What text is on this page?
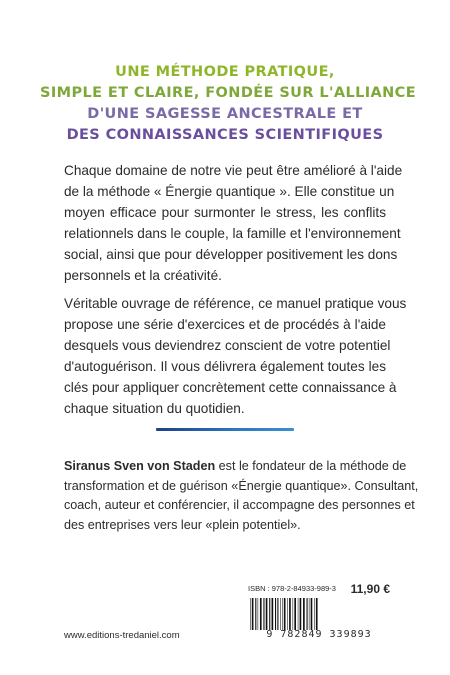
UNE MÉTHODE PRATIQUE,
SIMPLE ET CLAIRE, FONDÉE SUR L'ALLIANCE
D'UNE SAGESSE ANCESTRALE ET
DES CONNAISSANCES SCIENTIFIQUES
Chaque domaine de notre vie peut être amélioré à l'aide
de la méthode « Énergie quantique ». Elle constitue un
moyen efficace pour surmonter le stress, les conflits
relationnels dans le couple, la famille et l'environnement
social, ainsi que pour développer positivement les dons
personnels et la créativité.
Véritable ouvrage de référence, ce manuel pratique vous
propose une série d'exercices et de procédés à l'aide
desquels vous deviendrez conscient de votre potentiel
d'autoguérison. Il vous délivrera également toutes les
clés pour appliquer concrètement cette connaissance à
chaque situation du quotidien.
Siranus Sven von Staden est le fondateur de la méthode de
transformation et de guérison «Énergie quantique». Consultant,
coach, auteur et conférencier, il accompagne des personnes et
des entreprises vers leur «plein potentiel».
ISBN : 978-2-84933-989-3 11,90 €
9 782849 339893
www.editions-tredaniel.com
